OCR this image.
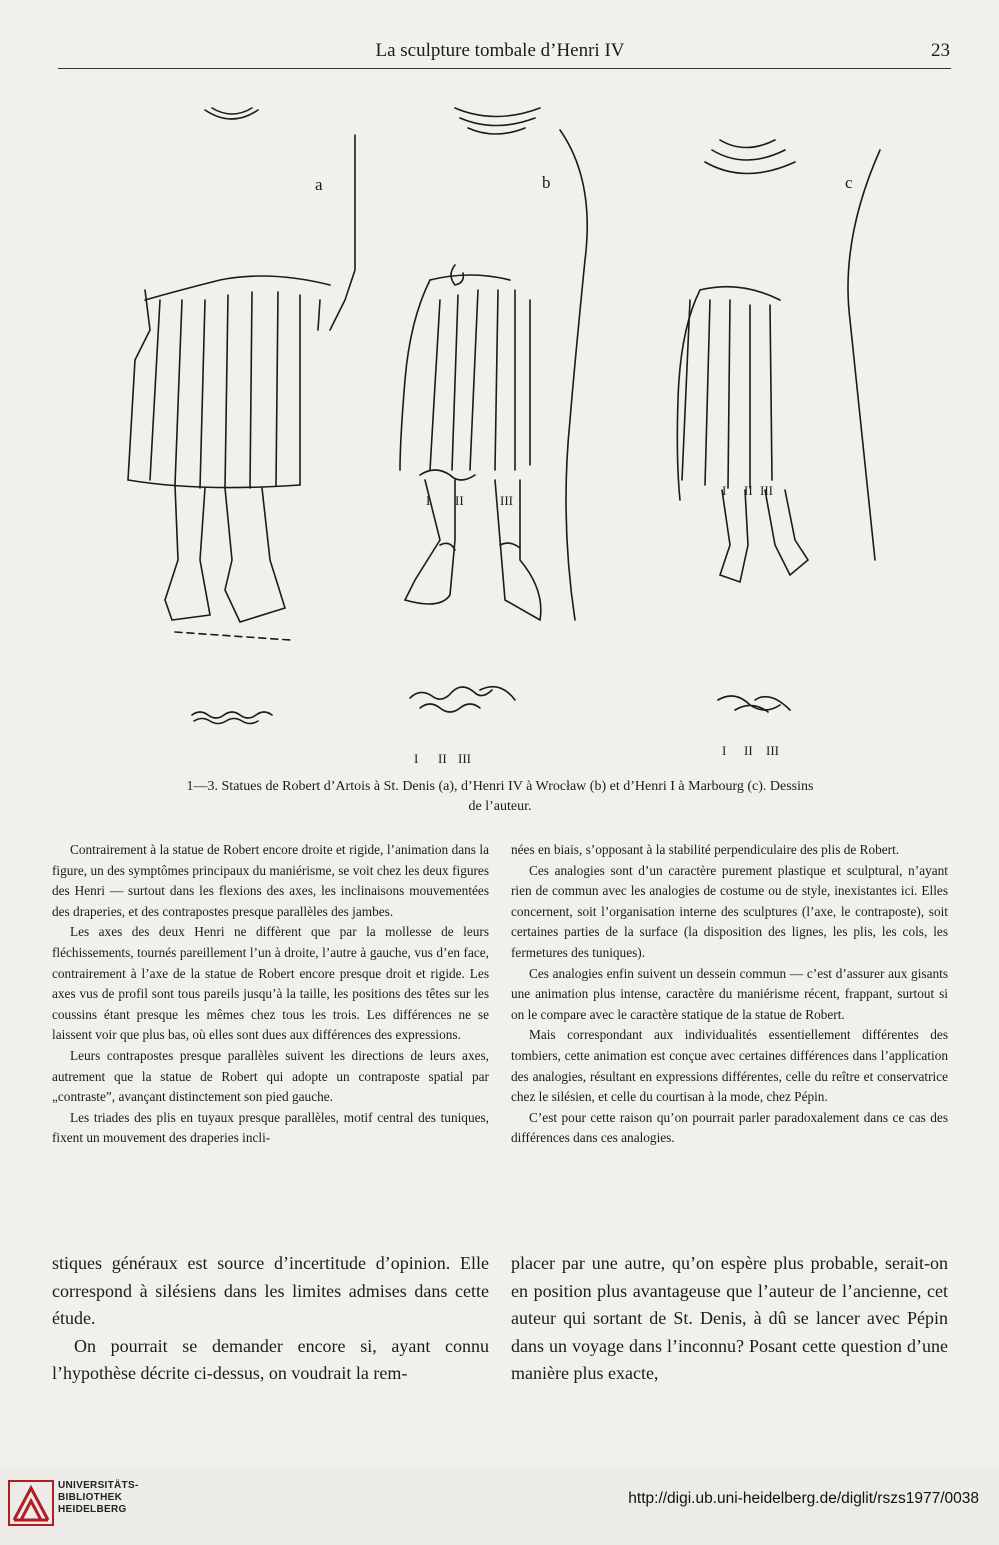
La sculpture tombale d’Henri IV	23
a	b	c
I II	III
I II III
I II III
I II III
1—3. Statues de Robert d’Artois à St. Denis (a), d’Henri IV à Wrocław (b) et d’Henri I à Marbourg (c). Dessins
de l’auteur.

Contrairement à la statue de Robert encore droite et rigide, l’animation dans la figure, un des symptômes principaux du maniérisme, se voit chez les deux figures des Henri — surtout dans les flexions des axes, les inclinaisons mouvementées des draperies, et des contrapostes presque parallèles des jambes.

Les axes des deux Henri ne diffèrent que par la mollesse de leurs fléchissements, tournés pareillement l’un à droite, l’autre à gauche, vus d’en face, contrairement à l’axe de la statue de Robert encore presque droit et rigide. Les axes vus de profil sont tous pareils jusqu’à la taille, les positions des têtes sur les coussins étant presque les mêmes chez tous les trois. Les différences ne se laissent voir que plus bas, où elles sont dues aux différences des expressions.

Leurs contrapostes presque parallèles suivent les directions de leurs axes, autrement que la statue de Robert qui adopte un contraposte spatial par „contraste”, avançant distinctement son pied gauche.

Les triades des plis en tuyaux presque parallèles, motif central des tuniques, fixent un mouvement des draperies incli-

nées en biais, s’opposant à la stabilité perpendiculaire des plis de Robert.

Ces analogies sont d’un caractère purement plastique et sculptural, n’ayant rien de commun avec les analogies de costume ou de style, inexistantes ici. Elles concernent, soit l’organisation interne des sculptures (l’axe, le contraposte), soit certaines parties de la surface (la disposition des lignes, les plis, les cols, les fermetures des tuniques).

Ces analogies enfin suivent un dessein commun — c’est d’assurer aux gisants une animation plus intense, caractère du maniérisme récent, frappant, surtout si on le compare avec le caractère statique de la statue de Robert.

Mais correspondant aux individualités essentiellement différentes des tombiers, cette animation est conçue avec certaines différences dans l’application des analogies, résultant en expressions différentes, celle du reître et conservatrice chez le silésien, et celle du courtisan à la mode, chez Pépin.

C’est pour cette raison qu’on pourrait parler paradoxalement dans ce cas des différences dans ces analogies.

stiques généraux est source d’incertitude d’opinion. Elle correspond à silésiens dans les limites admises dans cette étude.

On pourrait se demander encore si, ayant connu l’hypothèse décrite ci-dessus, on voudrait la rem-

placer par une autre, qu’on espère plus probable, serait-on en position plus avantageuse que l’auteur de l’ancienne, cet auteur qui sortant de St. Denis, à dû se lancer avec Pépin dans un voyage dans l’inconnu? Posant cette question d’une manière plus exacte,

UNIVERSITÄTS-
BIBLIOTHEK
HEIDELBERG
http://digi.ub.uni-heidelberg.de/diglit/rszs1977/0038
